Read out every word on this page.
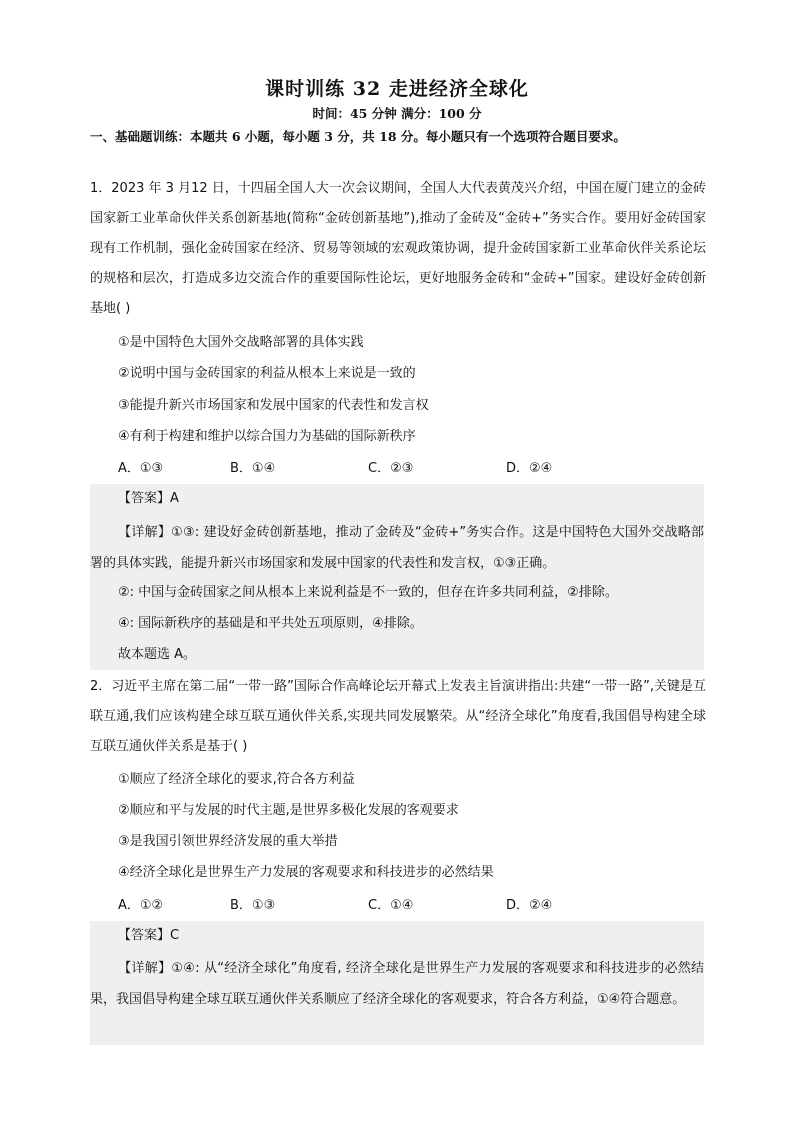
课时训练 32 走进经济全球化
时间：45 分钟 满分：100 分
一、基础题训练：本题共 6 小题，每小题 3 分，共 18 分。每小题只有一个选项符合题目要求。
1．2023 年 3 月12 日，十四届全国人大一次会议期间，全国人大代表黄茂兴介绍，中国在厦门建立的金砖国家新工业革命伙伴关系创新基地(简称“金砖创新基地”),推动了金砖及“金砖+”务实合作。要用好金砖国家现有工作机制，强化金砖国家在经济、贸易等领域的宏观政策协调，提升金砖国家新工业革命伙伴关系论坛的规格和层次，打造成多边交流合作的重要国际性论坛，更好地服务金砖和“金砖+”国家。建设好金砖创新基地( )
①是中国特色大国外交战略部署的具体实践
②说明中国与金砖国家的利益从根本上来说是一致的
③能提升新兴市场国家和发展中国家的代表性和发言权
④有利于构建和维护以综合国力为基础的国际新秩序
A．①③	B．①④	C．②③	D．②④
【答案】A
【详解】①③: 建设好金砖创新基地，推动了金砖及“金砖+”务实合作。这是中国特色大国外交战略部署的具体实践，能提升新兴市场国家和发展中国家的代表性和发言权，①③正确。
②: 中国与金砖国家之间从根本上来说利益是不一致的，但存在许多共同利益，②排除。
④: 国际新秩序的基础是和平共处五项原则，④排除。
故本题选 A。
2．习近平主席在第二届“一带一路”国际合作高峰论坛开幕式上发表主旨演讲指出:共建“一带一路”,关键是互联互通,我们应该构建全球互联互通伙伴关系,实现共同发展繁荣。从“经济全球化”角度看,我国倡导构建全球互联互通伙伴关系是基于( )
①顺应了经济全球化的要求,符合各方利益
②顺应和平与发展的时代主题,是世界多极化发展的客观要求
③是我国引领世界经济发展的重大举措
④经济全球化是世界生产力发展的客观要求和科技进步的必然结果
A．①②	B．①③	C．①④	D．②④
【答案】C
【详解】①④: 从“经济全球化”角度看, 经济全球化是世界生产力发展的客观要求和科技进步的必然结果，我国倡导构建全球互联互通伙伴关系顺应了经济全球化的客观要求，符合各方利益，①④符合题意。
